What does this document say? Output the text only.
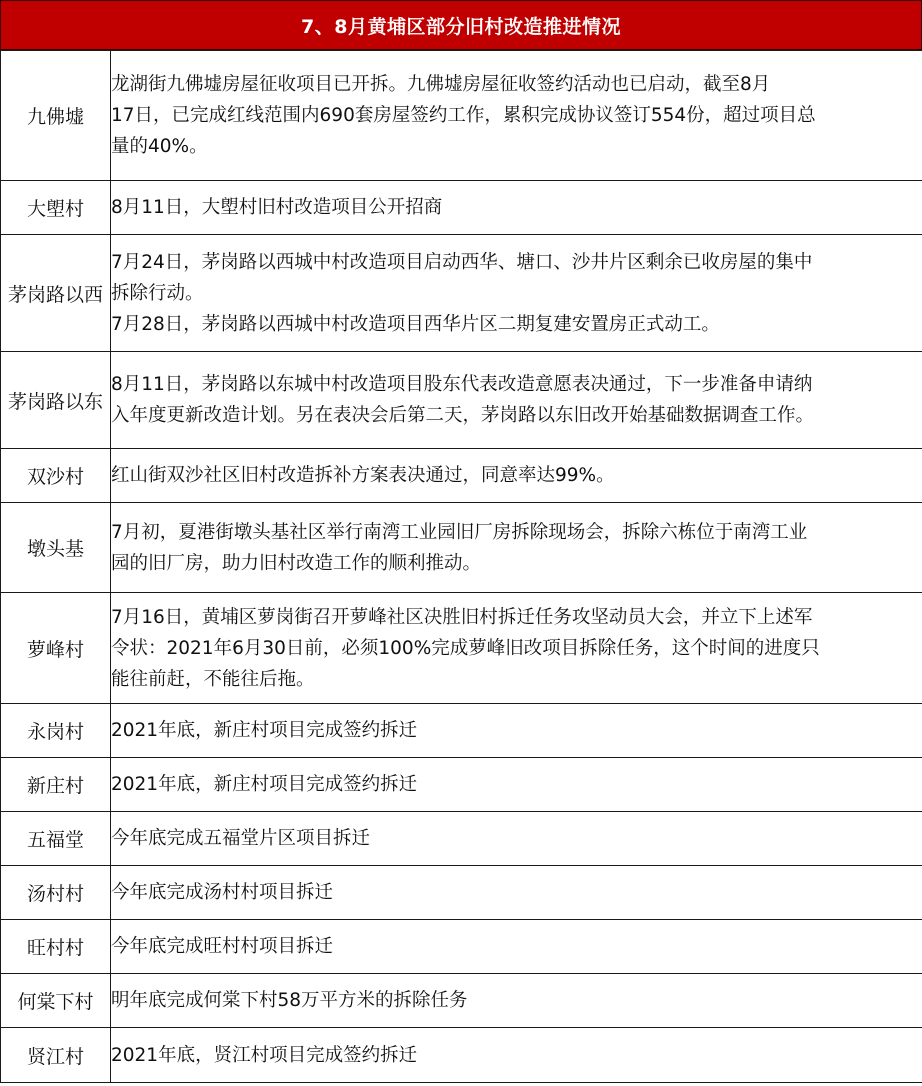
7、8月黄埔区部分旧村改造推进情况
九佛墟	龙湖街九佛墟房屋征收项目已开拆。九佛墟房屋征收签约活动也已启动，截至8月
17日，已完成红线范围内690套房屋签约工作，累积完成协议签订554份，超过项目总
量的40%。

大塱村	8月11日，大塱村旧村改造项目公开招商

茅岗路以西	7月24日，茅岗路以西城中村改造项目启动西华、塘口、沙井片区剩余已收房屋的集中
拆除行动。
7月28日，茅岗路以西城中村改造项目西华片区二期复建安置房正式动工。

茅岗路以东	8月11日，茅岗路以东城中村改造项目股东代表改造意愿表决通过，下一步准备申请纳
入年度更新改造计划。另在表决会后第二天，茅岗路以东旧改开始基础数据调查工作。

双沙村	红山街双沙社区旧村改造拆补方案表决通过，同意率达99%。

墩头基	7月初，夏港街墩头基社区举行南湾工业园旧厂房拆除现场会，拆除六栋位于南湾工业
园的旧厂房，助力旧村改造工作的顺利推动。

萝峰村	7月16日，黄埔区萝岗街召开萝峰社区决胜旧村拆迁任务攻坚动员大会，并立下上述军
令状：2021年6月30日前，必须100%完成萝峰旧改项目拆除任务，这个时间的进度只
能往前赶，不能往后拖。

永岗村	2021年底，新庄村项目完成签约拆迁

新庄村	2021年底，新庄村项目完成签约拆迁

五福堂	今年底完成五福堂片区项目拆迁

汤村村	今年底完成汤村村项目拆迁

旺村村	今年底完成旺村村项目拆迁

何棠下村	明年底完成何棠下村58万平方米的拆除任务

贤江村	2021年底，贤江村项目完成签约拆迁
